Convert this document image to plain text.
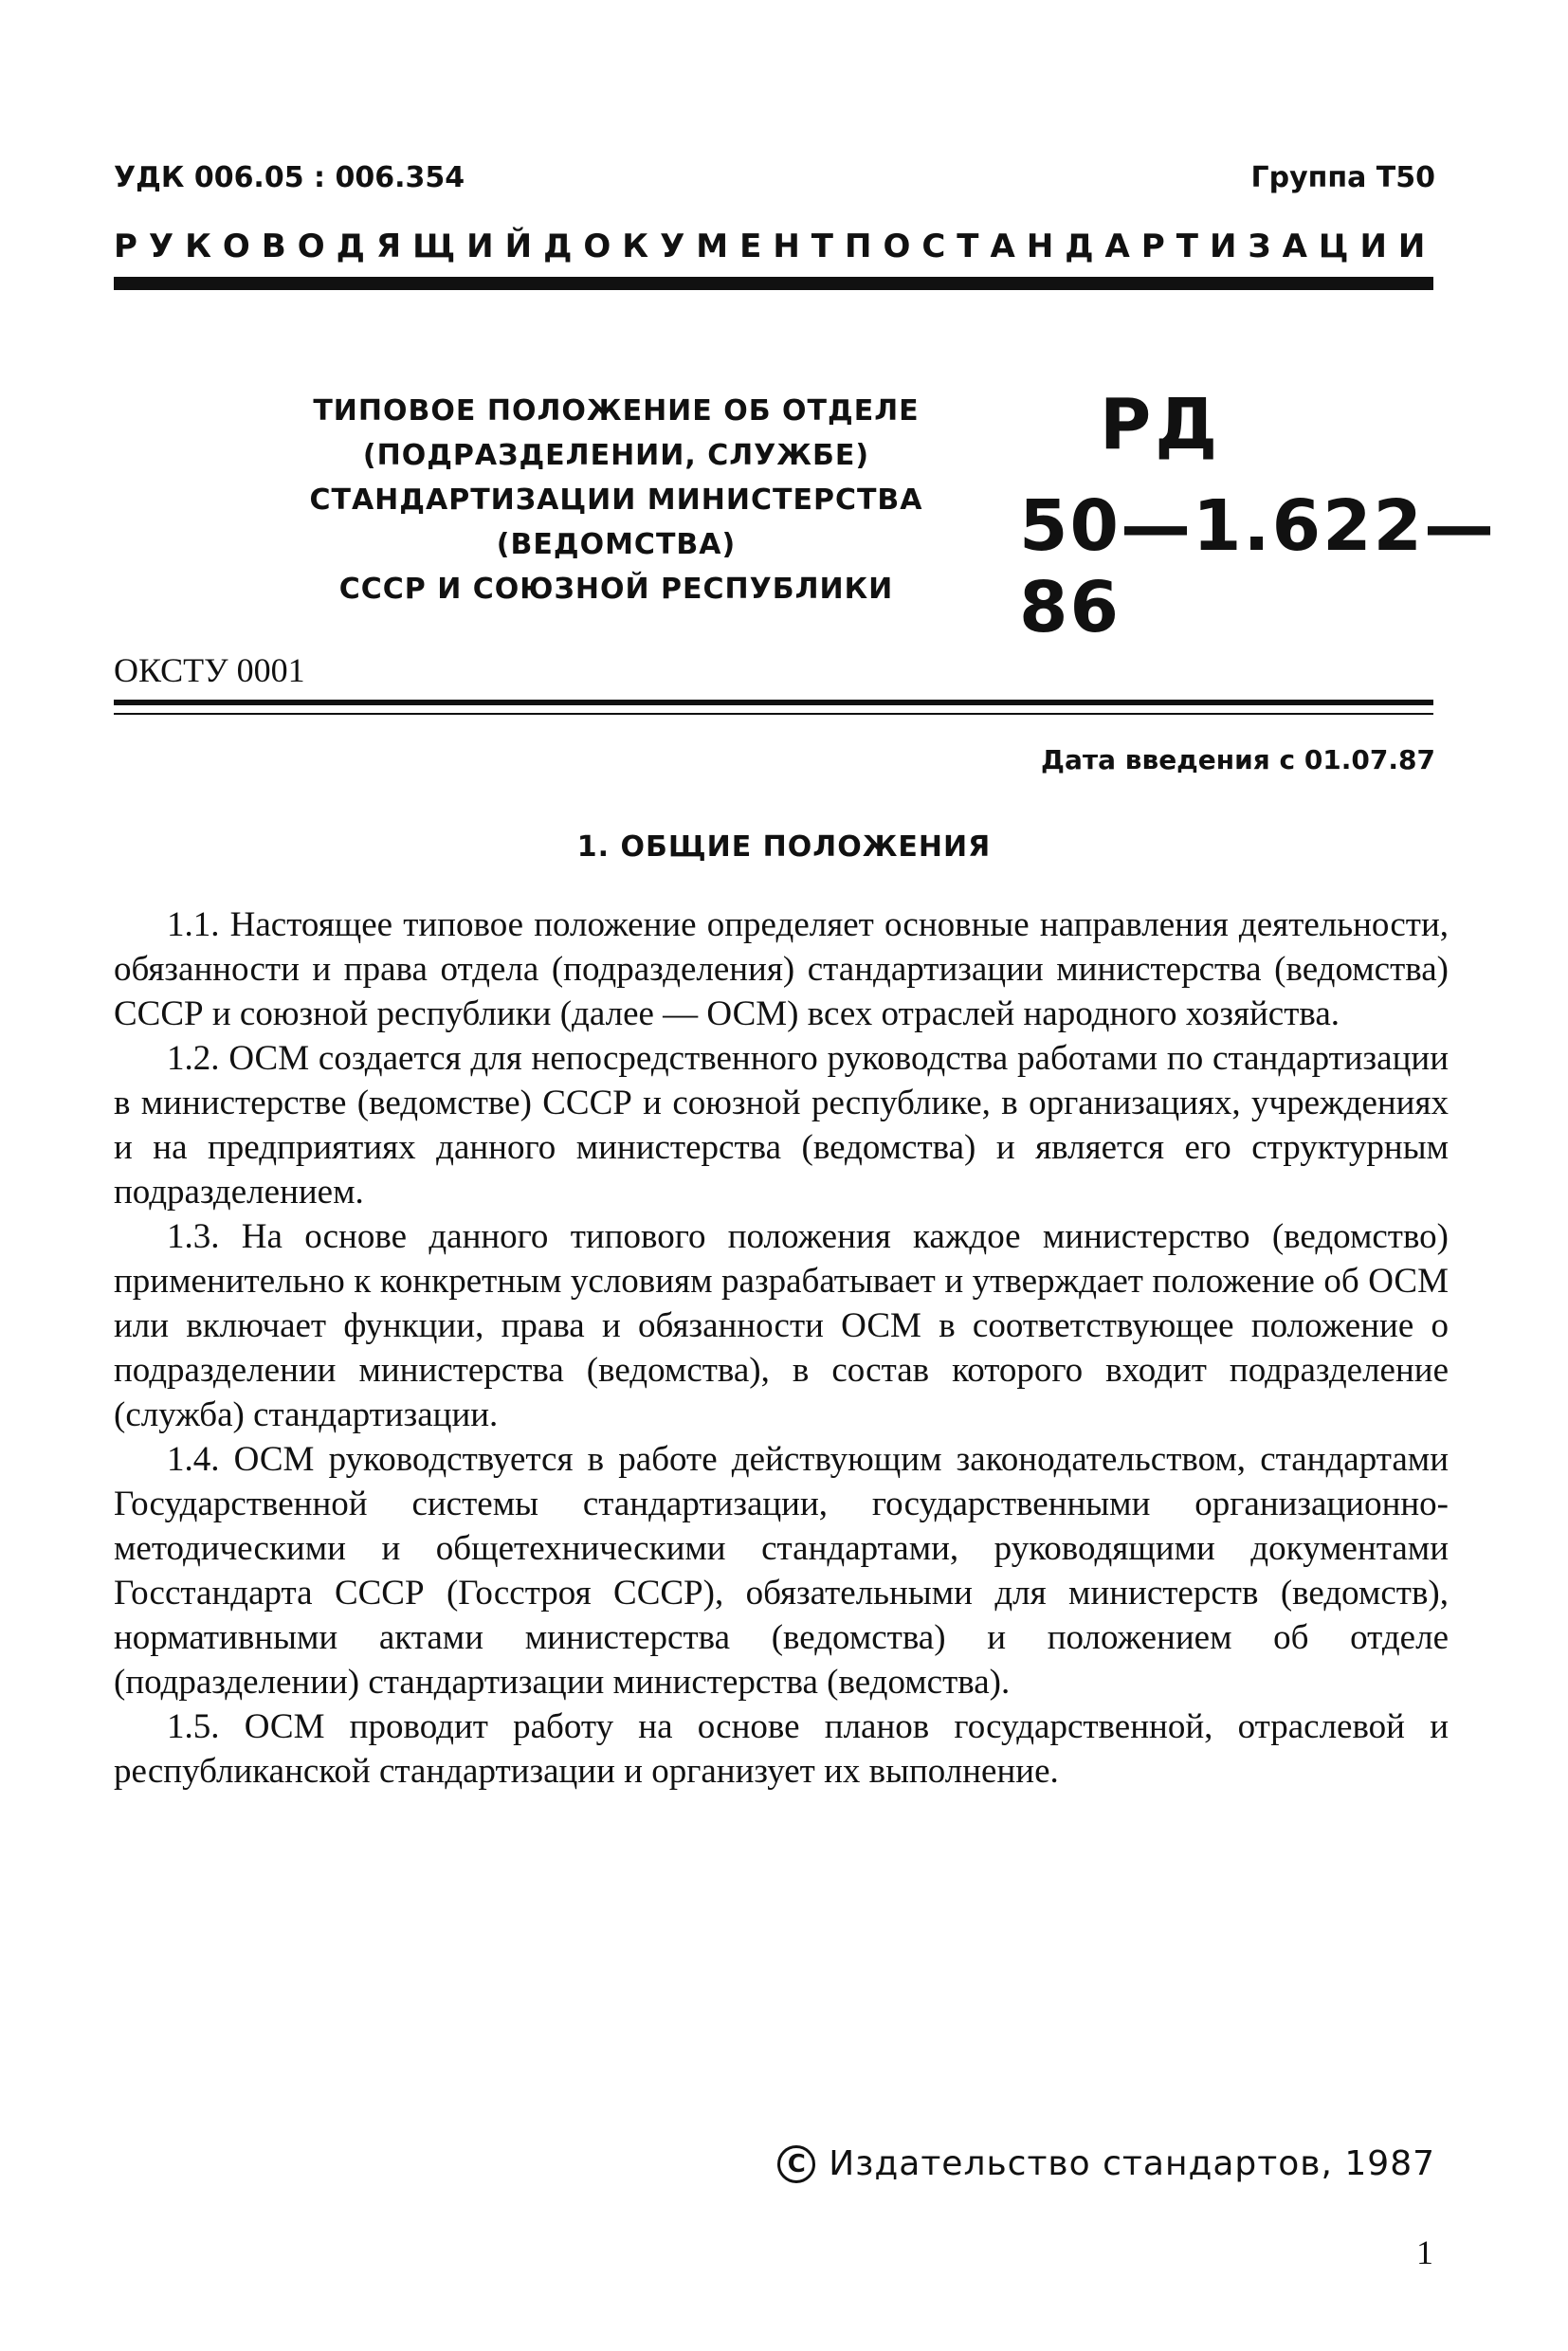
УДК 006.05 : 006.354	Группа Т50
РУКОВОДЯЩИЙ ДОКУМЕНТ ПО СТАНДАРТИЗАЦИИ
ТИПОВОЕ ПОЛОЖЕНИЕ ОБ ОТДЕЛЕ
(ПОДРАЗДЕЛЕНИИ, СЛУЖБЕ)
СТАНДАРТИЗАЦИИ МИНИСТЕРСТВА (ВЕДОМСТВА)
СССР И СОЮЗНОЙ РЕСПУБЛИКИ
РД
50—1.622—86
ОКСТУ 0001
Дата введения с 01.07.87
1. ОБЩИЕ ПОЛОЖЕНИЯ

1.1. Настоящее типовое положение определяет основные направления деятельности, обязанности и права отдела (подразделения) стандартизации министерства (ведомства) СССР и союзной республики (далее — ОСМ) всех отраслей народного хозяйства.

1.2. ОСМ создается для непосредственного руководства работами по стандартизации в министерстве (ведомстве) СССР и союзной республике, в организациях, учреждениях и на предприятиях данного министерства (ведомства) и является его структурным подразделением.

1.3. На основе данного типового положения каждое министерство (ведомство) применительно к конкретным условиям разрабатывает и утверждает положение об ОСМ или включает функции, права и обязанности ОСМ в соответствующее положение о подразделении министерства (ведомства), в состав которого входит подразделение (служба) стандартизации.

1.4. ОСМ руководствуется в работе действующим законодательством, стандартами Государственной системы стандартизации, государственными организационно-методическими и общетехническими стандартами, руководящими документами Госстандарта СССР (Госстроя СССР), обязательными для министерств (ведомств), нормативными актами министерства (ведомства) и положением об отделе (подразделении) стандартизации министерства (ведомства).

1.5. ОСМ проводит работу на основе планов государственной, отраслевой и республиканской стандартизации и организует их выполнение.

C Издательство стандартов, 1987
1
